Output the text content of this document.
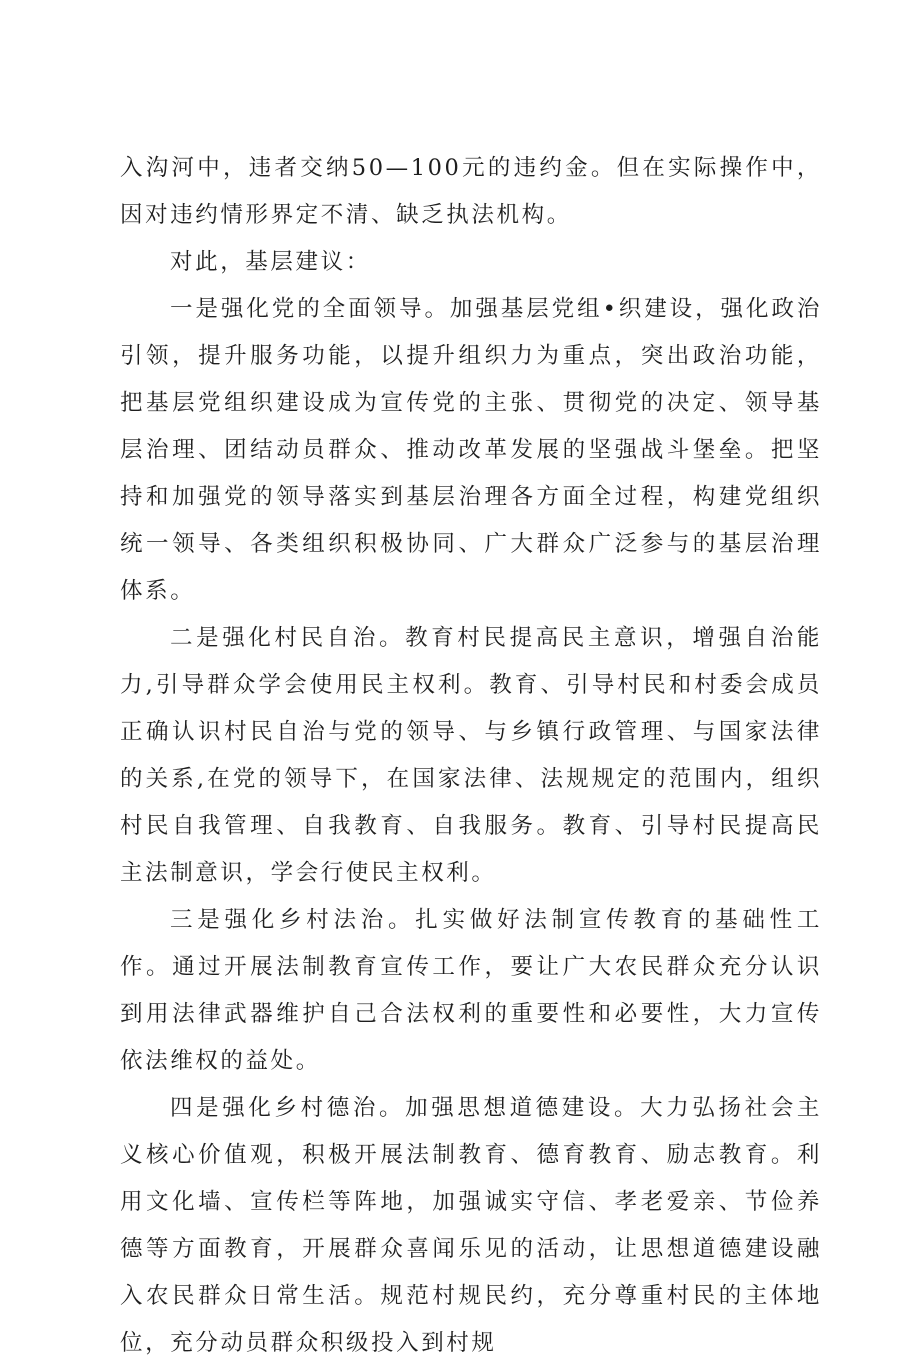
入沟河中，违者交纳50—100元的违约金。但在实际操作中，因对违约情形界定不清、缺乏执法机构。

对此，基层建议：

一是强化党的全面领导。加强基层党组•织建设，强化政治引领，提升服务功能，以提升组织力为重点，突出政治功能，把基层党组织建设成为宣传党的主张、贯彻党的决定、领导基层治理、团结动员群众、推动改革发展的坚强战斗堡垒。把坚持和加强党的领导落实到基层治理各方面全过程，构建党组织统一领导、各类组织积极协同、广大群众广泛参与的基层治理体系。

二是强化村民自治。教育村民提高民主意识，增强自治能力,引导群众学会使用民主权利。教育、引导村民和村委会成员正确认识村民自治与党的领导、与乡镇行政管理、与国家法律的关系,在党的领导下，在国家法律、法规规定的范围内，组织村民自我管理、自我教育、自我服务。教育、引导村民提高民主法制意识，学会行使民主权利。

三是强化乡村法治。扎实做好法制宣传教育的基础性工作。通过开展法制教育宣传工作，要让广大农民群众充分认识到用法律武器维护自己合法权利的重要性和必要性，大力宣传依法维权的益处。

四是强化乡村德治。加强思想道德建设。大力弘扬社会主义核心价值观，积极开展法制教育、德育教育、励志教育。利用文化墙、宣传栏等阵地，加强诚实守信、孝老爱亲、节俭养德等方面教育，开展群众喜闻乐见的活动，让思想道德建设融入农民群众日常生活。规范村规民约，充分尊重村民的主体地位，充分动员群众积级投入到村规
